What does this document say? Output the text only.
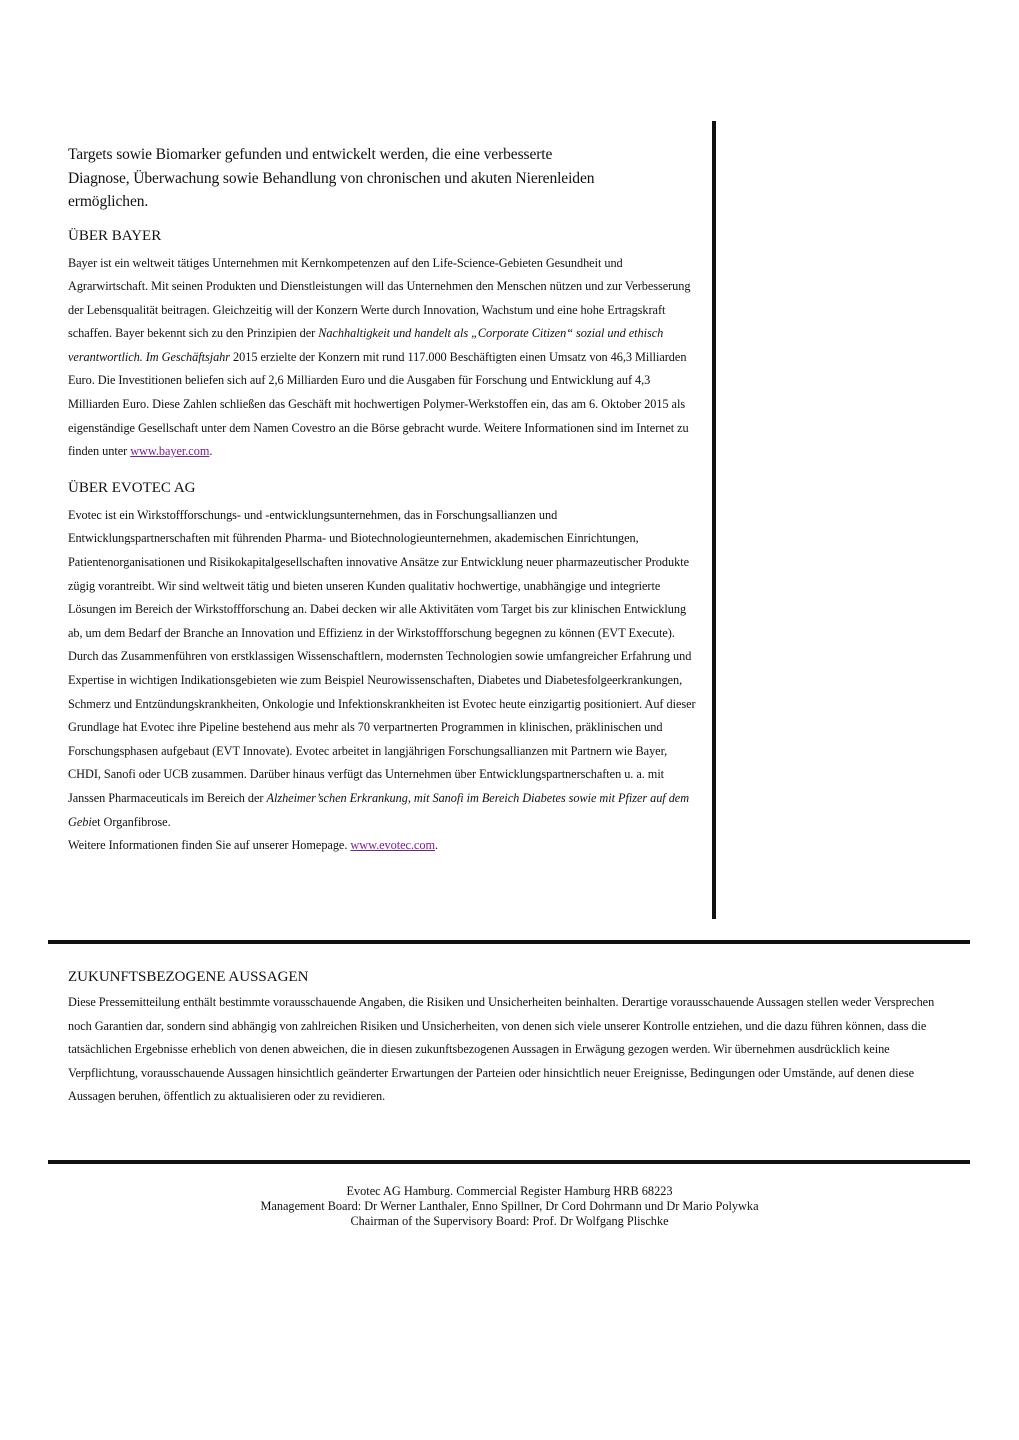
Targets sowie Biomarker gefunden und entwickelt werden, die eine verbesserte
Diagnose, Überwachung sowie Behandlung von chronischen und akuten Nierenleiden
ermöglichen.

ÜBER BAYER

Bayer ist ein weltweit tätiges Unternehmen mit Kernkompetenzen auf den Life-Science-Gebieten Gesundheit und Agrarwirtschaft. Mit seinen Produkten und Dienstleistungen will das Unternehmen den Menschen nützen und zur Verbesserung der Lebensqualität beitragen. Gleichzeitig will der Konzern Werte durch Innovation, Wachstum und eine hohe Ertragskraft schaffen. Bayer bekennt sich zu den Prinzipien der Nachhaltigkeit und handelt als „Corporate Citizen“ sozial und ethisch verantwortlich. Im Geschäftsjahr 2015 erzielte der Konzern mit rund 117.000 Beschäftigten einen Umsatz von 46,3 Milliarden Euro. Die Investitionen beliefen sich auf 2,6 Milliarden Euro und die Ausgaben für Forschung und Entwicklung auf 4,3 Milliarden Euro. Diese Zahlen schließen das Geschäft mit hochwertigen Polymer-Werkstoffen ein, das am 6. Oktober 2015 als eigenständige Gesellschaft unter dem Namen Covestro an die Börse gebracht wurde. Weitere Informationen sind im Internet zu finden unter www.bayer.com.

ÜBER EVOTEC AG

Evotec ist ein Wirkstoffforschungs- und -entwicklungsunternehmen, das in Forschungsallianzen und Entwicklungspartnerschaften mit führenden Pharma- und Biotechnologieunternehmen, akademischen Einrichtungen, Patientenorganisationen und Risikokapitalgesellschaften innovative Ansätze zur Entwicklung neuer pharmazeutischer Produkte zügig vorantreibt. Wir sind weltweit tätig und bieten unseren Kunden qualitativ hochwertige, unabhängige und integrierte Lösungen im Bereich der Wirkstoffforschung an. Dabei decken wir alle Aktivitäten vom Target bis zur klinischen Entwicklung ab, um dem Bedarf der Branche an Innovation und Effizienz in der Wirkstoffforschung begegnen zu können (EVT Execute). Durch das Zusammenführen von erstklassigen Wissenschaftlern, modernsten Technologien sowie umfangreicher Erfahrung und Expertise in wichtigen Indikationsgebieten wie zum Beispiel Neurowissenschaften, Diabetes und Diabetesfolgeerkrankungen, Schmerz und Entzündungskrankheiten, Onkologie und Infektionskrankheiten ist Evotec heute einzigartig positioniert. Auf dieser Grundlage hat Evotec ihre Pipeline bestehend aus mehr als 70 verpartnerten Programmen in klinischen, präklinischen und Forschungsphasen aufgebaut (EVT Innovate). Evotec arbeitet in langjährigen Forschungsallianzen mit Partnern wie Bayer, CHDI, Sanofi oder UCB zusammen. Darüber hinaus verfügt das Unternehmen über Entwicklungspartnerschaften u. a. mit Janssen Pharmaceuticals im Bereich der Alzheimer’schen Erkrankung, mit Sanofi im Bereich Diabetes sowie mit Pfizer auf dem Gebiet Organfibrose.
Weitere Informationen finden Sie auf unserer Homepage. www.evotec.com.

ZUKUNFTSBEZOGENE AUSSAGEN

Diese Pressemitteilung enthält bestimmte vorausschauende Angaben, die Risiken und Unsicherheiten beinhalten. Derartige vorausschauende Aussagen stellen weder Versprechen noch Garantien dar, sondern sind abhängig von zahlreichen Risiken und Unsicherheiten, von denen sich viele unserer Kontrolle entziehen, und die dazu führen können, dass die tatsächlichen Ergebnisse erheblich von denen abweichen, die in diesen zukunftsbezogenen Aussagen in Erwägung gezogen werden. Wir übernehmen ausdrücklich keine Verpflichtung, vorausschauende Aussagen hinsichtlich geänderter Erwartungen der Parteien oder hinsichtlich neuer Ereignisse, Bedingungen oder Umstände, auf denen diese Aussagen beruhen, öffentlich zu aktualisieren oder zu revidieren.

Evotec AG Hamburg. Commercial Register Hamburg HRB 68223
Management Board: Dr Werner Lanthaler, Enno Spillner, Dr Cord Dohrmann und Dr Mario Polywka
Chairman of the Supervisory Board: Prof. Dr Wolfgang Plischke
